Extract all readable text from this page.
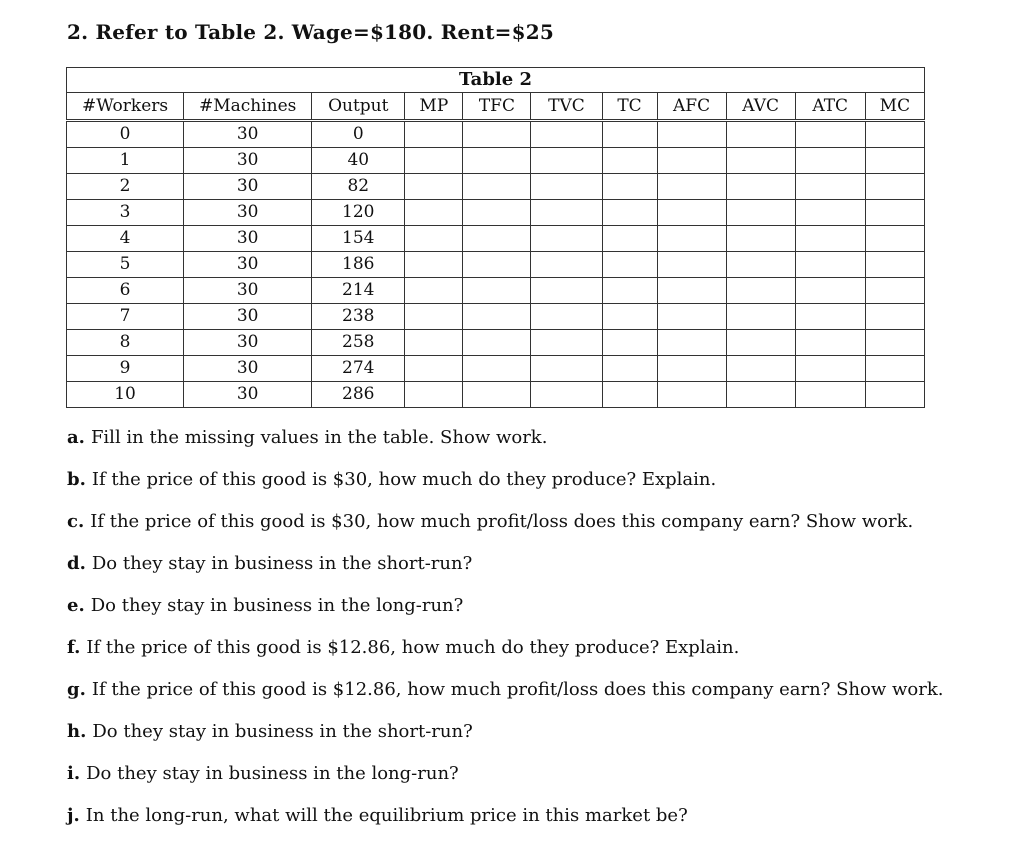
2. Refer to Table 2. Wage=$180. Rent=$25
Table 2										
#Workers	#Machines	Output	MP	TFC	TVC	TC	AFC	AVC	ATC	MC
0	30	0								
1	30	40								
2	30	82								
3	30	120								
4	30	154								
5	30	186								
6	30	214								
7	30	238								
8	30	258								
9	30	274								
10	30	286								
a. Fill in the missing values in the table. Show work.
b. If the price of this good is $30, how much do they produce? Explain.
c. If the price of this good is $30, how much profit/loss does this company earn? Show work.
d. Do they stay in business in the short-run?
e. Do they stay in business in the long-run?
f. If the price of this good is $12.86, how much do they produce? Explain.
g. If the price of this good is $12.86, how much profit/loss does this company earn? Show work.
h. Do they stay in business in the short-run?
i. Do they stay in business in the long-run?
j. In the long-run, what will the equilibrium price in this market be?
